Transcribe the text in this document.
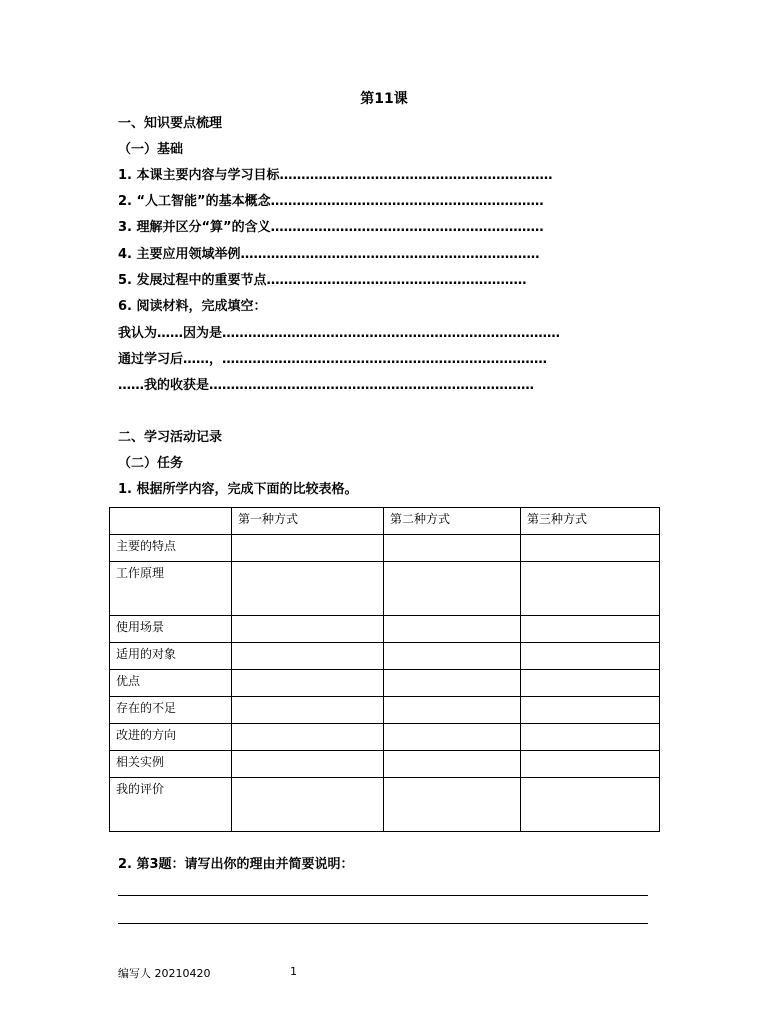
第11课
一、知识要点梳理
（一）基础
1. 本课主要内容与学习目标………………………………………………………
2. “人工智能”的基本概念………………………………………………………
3. 理解并区分“算”的含义………………………………………………………
4. 主要应用领域举例……………………………………………………………
5. 发展过程中的重要节点……………………………………………………
6. 阅读材料，完成填空：
我认为……因为是……………………………………………………………………
通过学习后……，…………………………………………………………………
……我的收获是…………………………………………………………………
二、学习活动记录
（二）任务
1. 根据所学内容，完成下面的比较表格。
	第一种方式	第二种方式	第三种方式
主要的特点			
工作原理			
使用场景			
适用的对象			
优点			
存在的不足			
改进的方向			
相关实例			
我的评价			
2. 第3题：请写出你的理由并简要说明：
编写人 20210420	1
